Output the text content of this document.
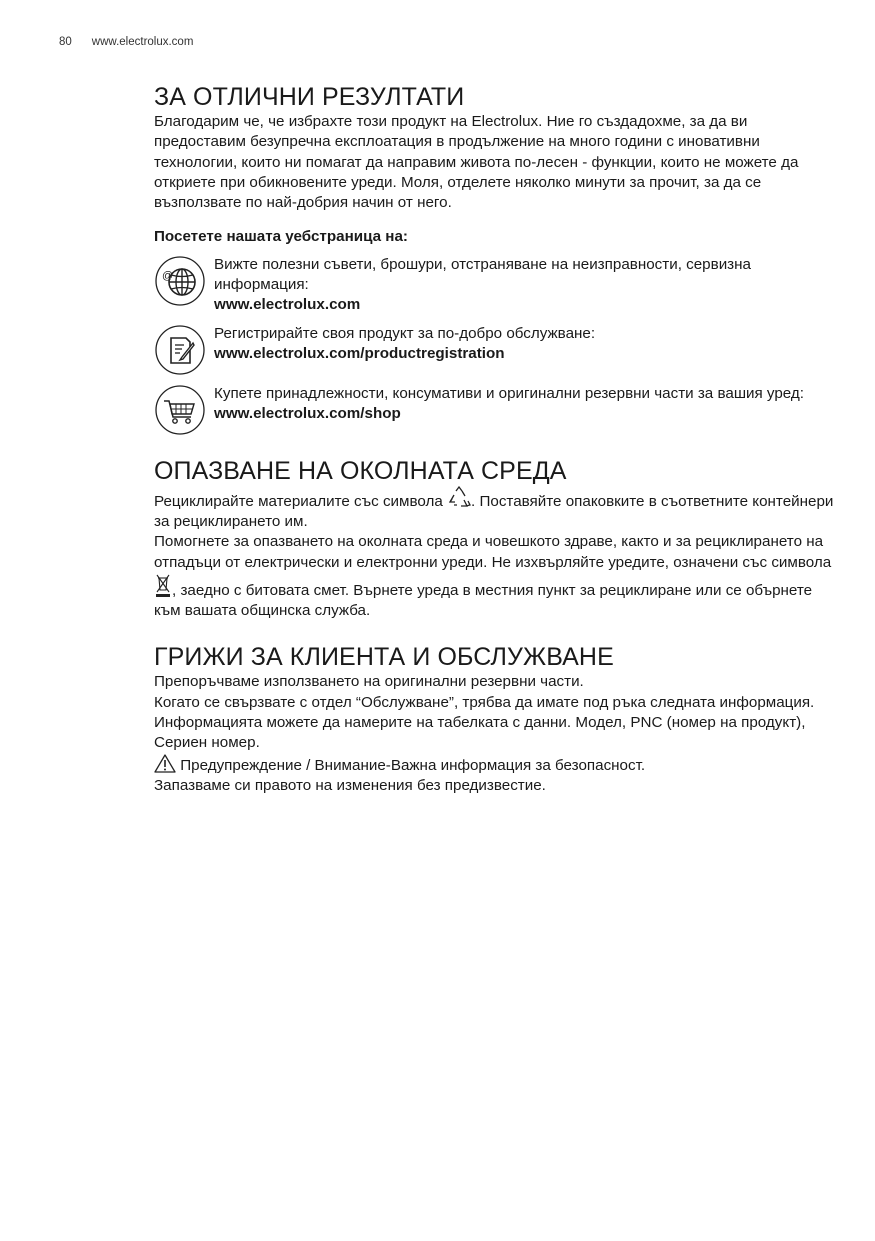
80 www.electrolux.com
ЗА ОТЛИЧНИ РЕЗУЛТАТИ

Благодарим че, че избрахте този продукт на Electrolux. Ние го създадохме, за да ви предоставим безупречна експлоатация в продължение на много години с иновативни технологии, които ни помагат да направим живота по-лесен - функции, които не можете да откриете при обикновените уреди. Моля, отделете няколко минути за прочит, за да се възползвате по най-добрия начин от него.

Посетете нашата уебстраница на:

@

Вижте полезни съвети, брошури, отстраняване на неизправности, сервизна информация:

www.electrolux.com

Регистрирайте своя продукт за по-добро обслужване:

www.electrolux.com/productregistration

Купете принадлежности, консумативи и оригинални резервни части за вашия уред:

www.electrolux.com/shop

ОПАЗВАНЕ НА ОКОЛНАТА СРЕДА

Рециклирайте материалите със символа . Поставяйте опаковките в съответните контейнери за рециклирането им.

Помогнете за опазването на околната среда и човешкото здраве, както и за рециклирането на отпадъци от електрически и електронни уреди. Не изхвърляйте уредите, означени със символа , заедно с битовата смет. Върнете уреда в местния пункт за рециклиране или се обърнете към вашата общинска служба.

ГРИЖИ ЗА КЛИЕНТА И ОБСЛУЖВАНЕ

Препоръчваме използването на оригинални резервни части.

Когато се свързвате с отдел “Обслужване”, трябва да имате под ръка следната информация.

Информацията можете да намерите на табелката с данни. Модел, PNC (номер на продукт), Сериен номер.

Предупреждение / Внимание-Важна информация за безопасност.

Запазваме си правото на изменения без предизвестие.
